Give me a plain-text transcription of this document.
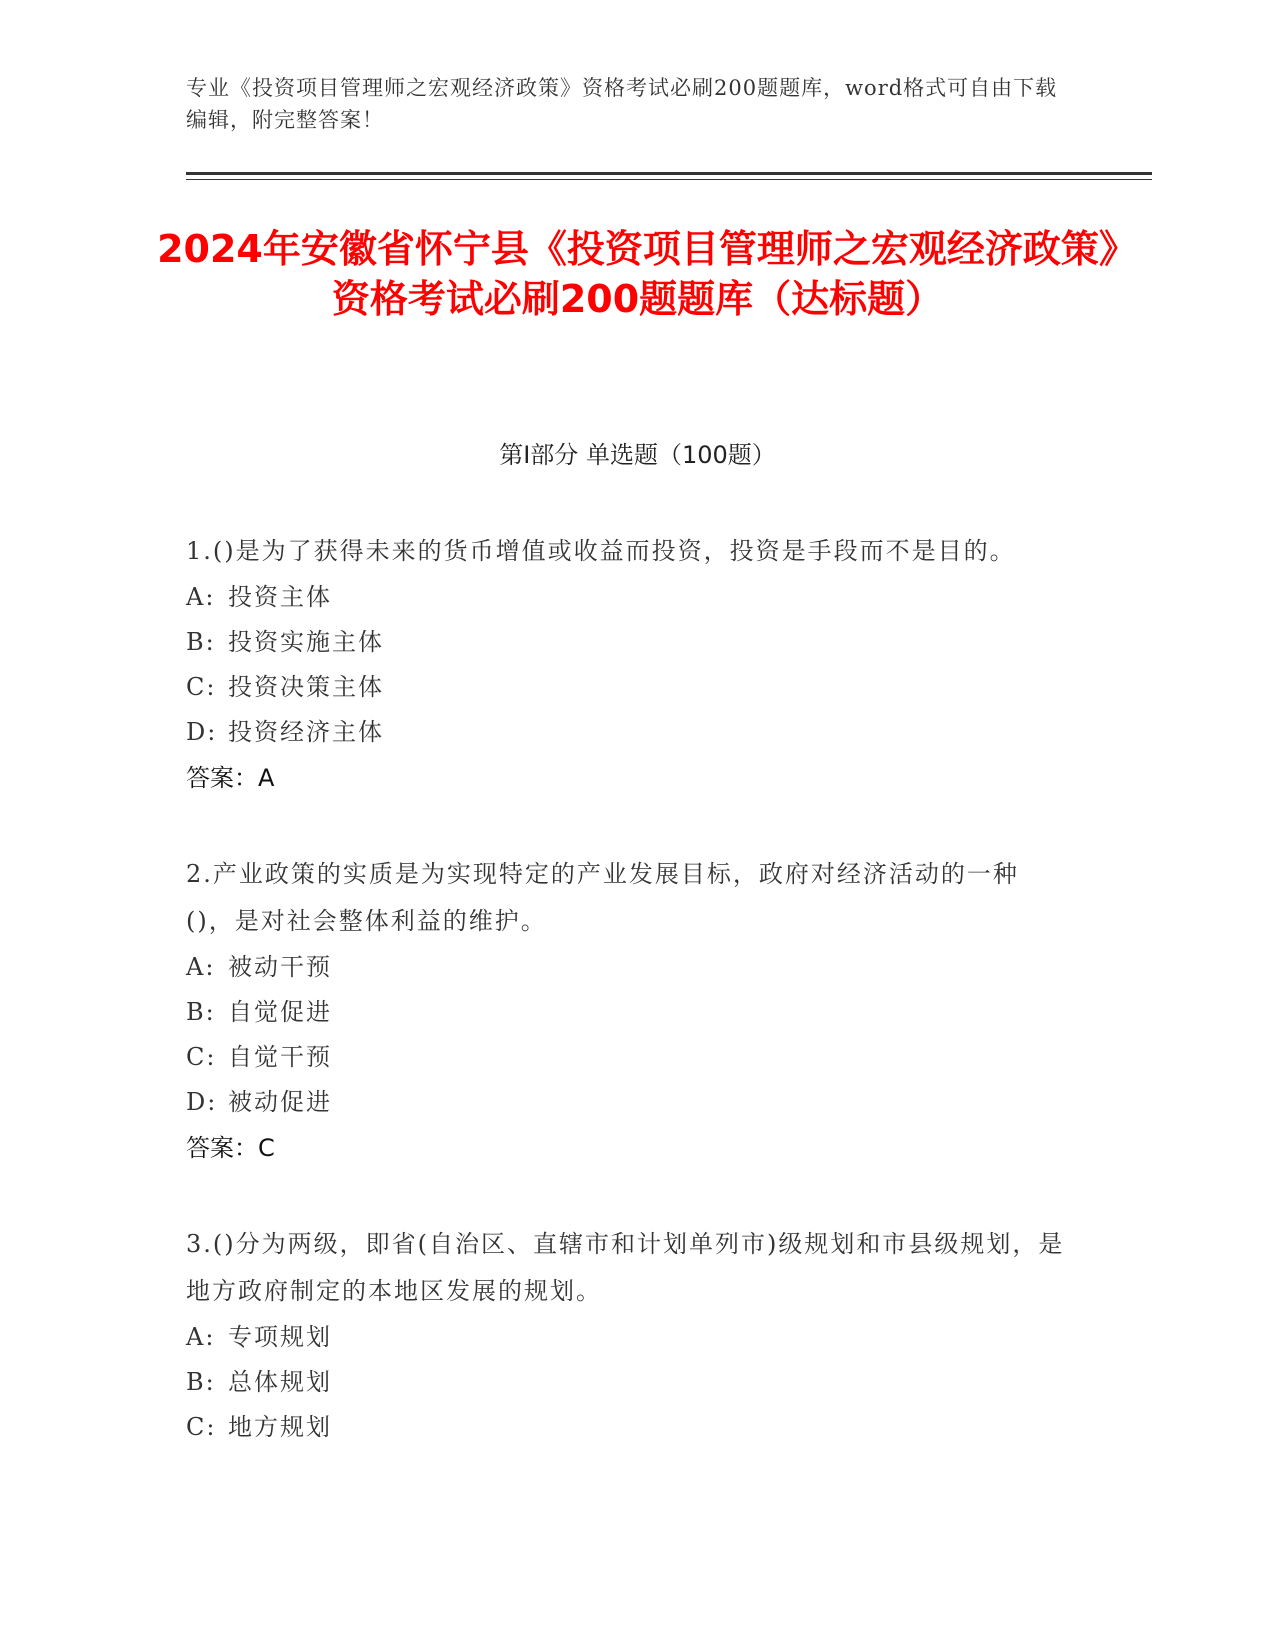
专业《投资项目管理师之宏观经济政策》资格考试必刷200题题库，word格式可自由下载编辑，附完整答案！
2024年安徽省怀宁县《投资项目管理师之宏观经济政策》资格考试必刷200题题库（达标题）
第Ⅰ部分 单选题（100题）

1.()是为了获得未来的货币增值或收益而投资，投资是手段而不是目的。

A: 投资主体

B: 投资实施主体

C: 投资决策主体

D: 投资经济主体

答案：A

2.产业政策的实质是为实现特定的产业发展目标，政府对经济活动的一种()，是对社会整体利益的维护。

A: 被动干预

B: 自觉促进

C: 自觉干预

D: 被动促进

答案：C

3.()分为两级，即省(自治区、直辖市和计划单列市)级规划和市县级规划，是地方政府制定的本地区发展的规划。

A: 专项规划

B: 总体规划

C: 地方规划
